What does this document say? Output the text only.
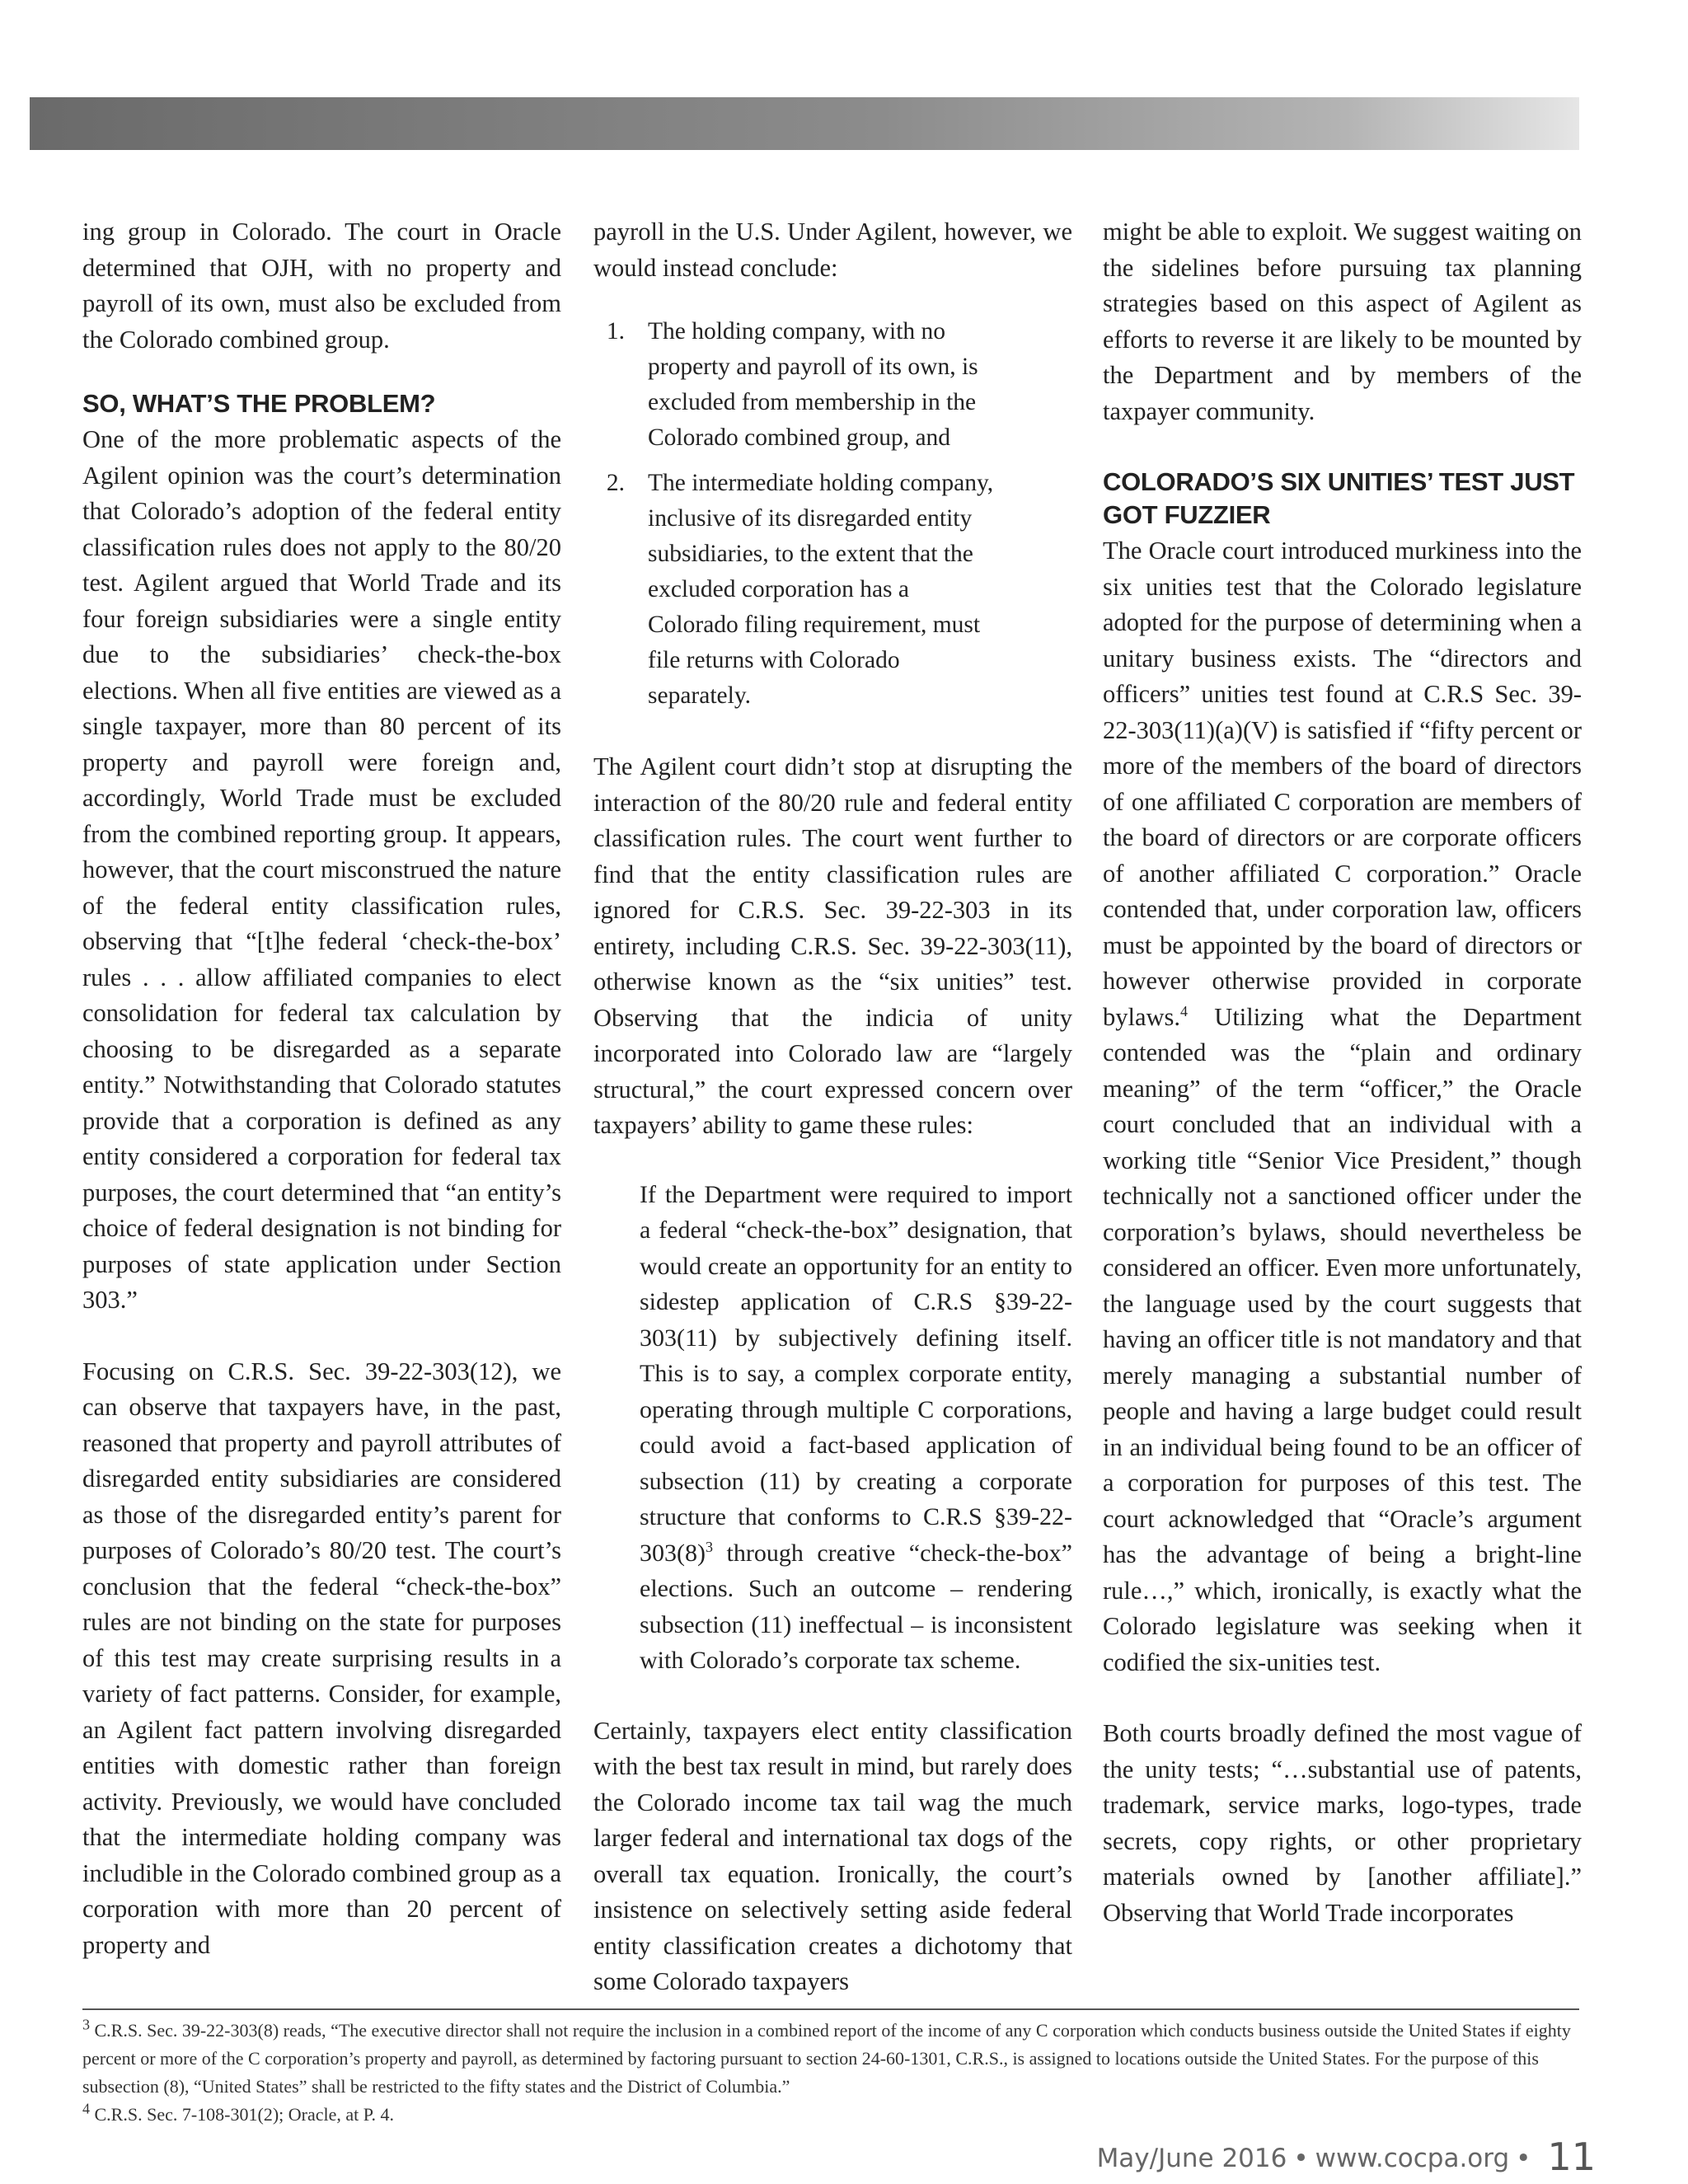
ing group in Colorado. The court in Oracle determined that OJH, with no property and payroll of its own, must also be excluded from the Colorado combined group.

SO, WHAT’S THE PROBLEM?

One of the more problematic aspects of the Agilent opinion was the court’s determination that Colorado’s adoption of the federal entity classification rules does not apply to the 80/20 test. Agilent argued that World Trade and its four foreign subsidiaries were a single entity due to the subsidiaries’ check-the-box elections. When all five entities are viewed as a single taxpayer, more than 80 percent of its property and payroll were foreign and, accordingly, World Trade must be excluded from the combined reporting group. It appears, however, that the court misconstrued the nature of the federal entity classification rules, observing that “[t]he federal ‘check-the-box’ rules . . . allow affiliated companies to elect consolidation for federal tax calculation by choosing to be disregarded as a separate entity.” Notwithstanding that Colorado statutes provide that a corporation is defined as any entity considered a corporation for federal tax purposes, the court determined that “an entity’s choice of federal designation is not binding for purposes of state application under Section 303.”

Focusing on C.R.S. Sec. 39-22-303(12), we can observe that taxpayers have, in the past, reasoned that property and payroll attributes of disregarded entity subsidiaries are considered as those of the disregarded entity’s parent for purposes of Colorado’s 80/20 test. The court’s conclusion that the federal “check-the-box” rules are not binding on the state for purposes of this test may create surprising results in a variety of fact patterns. Consider, for example, an Agilent fact pattern involving disregarded entities with domestic rather than foreign activity. Previously, we would have concluded that the intermediate holding company was includible in the Colorado combined group as a corporation with more than 20 percent of property and

payroll in the U.S. Under Agilent, however, we would instead conclude:

1. The holding company, with no property and payroll of its own, is excluded from membership in the Colorado combined group, and
2. The intermediate holding company, inclusive of its disregarded entity subsidiaries, to the extent that the excluded corporation has a Colorado filing requirement, must file returns with Colorado separately.

The Agilent court didn’t stop at disrupting the interaction of the 80/20 rule and federal entity classification rules. The court went further to find that the entity classification rules are ignored for C.R.S. Sec. 39-22-303 in its entirety, including C.R.S. Sec. 39-22-303(11), otherwise known as the “six unities” test. Observing that the indicia of unity incorporated into Colorado law are “largely structural,” the court expressed concern over taxpayers’ ability to game these rules:

If the Department were required to import a federal “check-the-box” designation, that would create an opportunity for an entity to sidestep application of C.R.S §39-22-303(11) by subjectively defining itself. This is to say, a complex corporate entity, operating through multiple C corporations, could avoid a fact-based application of subsection (11) by creating a corporate structure that conforms to C.R.S $\S 39-22-303(8)^3$ through creative “check-the-box” elections. Such an outcome – rendering subsection (11) ineffectual – is inconsistent with Colorado’s corporate tax scheme.

Certainly, taxpayers elect entity classification with the best tax result in mind, but rarely does the Colorado income tax tail wag the much larger federal and international tax dogs of the overall tax equation. Ironically, the court’s insistence on selectively setting aside federal entity classification creates a dichotomy that some Colorado taxpayers

might be able to exploit. We suggest waiting on the sidelines before pursuing tax planning strategies based on this aspect of Agilent as efforts to reverse it are likely to be mounted by the Department and by members of the taxpayer community.

COLORADO’S SIX UNITIES’ TEST JUST GOT FUZZIER

The Oracle court introduced murkiness into the six unities test that the Colorado legislature adopted for the purpose of determining when a unitary business exists. The “directors and officers” unities test found at C.R.S Sec. 39-22-303(11)(a)(V) is satisfied if “fifty percent or more of the members of the board of directors of one affiliated C corporation are members of the board of directors or are corporate officers of another affiliated C corporation.” Oracle contended that, under corporation law, officers must be appointed by the board of directors or however otherwise provided in corporate bylaws.$^4$ Utilizing what the Department contended was the “plain and ordinary meaning” of the term “officer,” the Oracle court concluded that an individual with a working title “Senior Vice President,” though technically not a sanctioned officer under the corporation’s bylaws, should nevertheless be considered an officer. Even more unfortunately, the language used by the court suggests that having an officer title is not mandatory and that merely managing a substantial number of people and having a large budget could result in an individual being found to be an officer of a corporation for purposes of this test. The court acknowledged that “Oracle’s argument has the advantage of being a bright-line rule…,” which, ironically, is exactly what the Colorado legislature was seeking when it codified the six-unities test.

Both courts broadly defined the most vague of the unity tests; “…substantial use of patents, trademark, service marks, logo-types, trade secrets, copy rights, or other proprietary materials owned by [another affiliate].” Observing that World Trade incorporates

$^3$ C.R.S. Sec. 39-22-303(8) reads, “The executive director shall not require the inclusion in a combined report of the income of any C corporation which conducts business outside the United States if eighty percent or more of the C corporation’s property and payroll, as determined by factoring pursuant to section 24-60-1301, C.R.S., is assigned to locations outside the United States. For the purpose of this subsection (8), “United States” shall be restricted to the fifty states and the District of Columbia.”

$^4$ C.R.S. Sec. 7-108-301(2); Oracle, at P. 4.

May/June 2016 • www.cocpa.org • 11
